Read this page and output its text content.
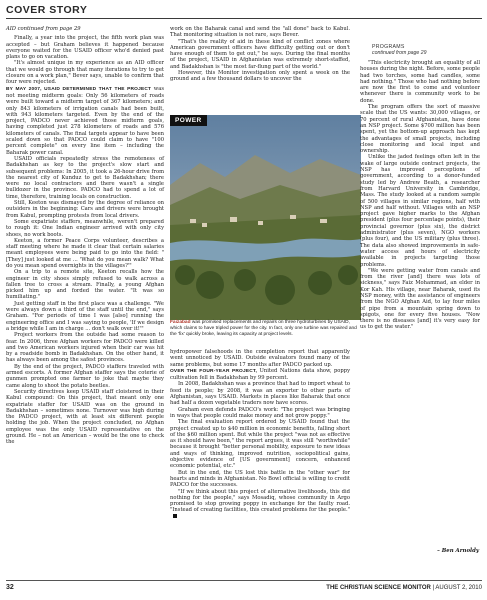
COVER STORY

AID continued from page 29

Finally, a year into the project, the fifth work plan was accepted – but Graham believes it happened because everyone waited for the USAID officer who'd denied past plans to go on vacation.

"It's almost unique in my experience as an AID officer that we would go through that many iterations to try to get closure on a work plan," Bever says, unable to confirm that four were rejected.

BY MAY 2007, USAID DETERMINED THAT THE PROJECT was not meeting midterm goals: Only 56 kilometers of roads were built toward a midterm target of 367 kilometers; and only 843 kilometers of irrigation canals had been built, with 943 kilometers targeted. Even by the end of the project, PADCO never achieved those midterm goals, having completed just 278 kilometers of roads and 576 kilometers of canals. The final targets appear to have been scaled down so that PADCO could claim to have "100 percent complete" on every line item – including the Baharak power canal.

USAID officials repeatedly stress the remoteness of Badakhshan as key to the project's slow start and subsequent problems: In 2005, it took a 26-hour drive from the nearest city of Kunduz to get to Badakhshan; there were no local contractors and there wasn't a single bulldozer in the province. PADCO had to spend a lot of time, therefore, training locals on construction.

Still, Keeton was dismayed by the degree of reliance on outsiders in the beginning: Cars and drivers were brought from Kabul, prompting protests from local drivers.

Some expatriate staffers, meanwhile, weren't prepared to rough it: One Indian engineer arrived with only city shoes, no work boots.

Keeton, a former Peace Corps volunteer, describes a staff meeting where he made it clear that certain salaries meant employees were being paid to go into the field: "[They] just looked at me ... 'What do you mean walk? What do you mean spend overnights in the villages?'"

On a trip to a remote site, Keeton recalls how the engineer in city shoes simply refused to walk across a fallen tree to cross a stream. Finally, a young Afghan picked him up and forded the water. "It was so humiliating."

Just getting staff in the first place was a challenge. "We were always down a third of the staff until the end," says Graham. "For periods of time I was [also] running the engineering office and I was saying to people, 'If we design a bridge while I am in charge ... don't walk over it!'"

Project workers from the outside had some reason to fear. In 2006, three Afghan workers for PADCO were killed and two American workers injured when their car was hit by a roadside bomb in Badakhshan. On the other hand, it has always been among the safest provinces.

By the end of the project, PADCO staffers traveled with armed escorts. A former Afghan staffer says the coterie of gunmen prompted one farmer to joke that maybe they came along to shoot the potato beetles.

Security directives keep USAID staff cloistered in their Kabul compound: On this project, that meant only one expatriate staffer for USAID was on the ground in Badakhshan – sometimes none. Turnover was high during the PADCO project, with at least six different people holding the job. When the project concluded, no Afghan employee was the only USAID representative on the ground. He – not an American – would be the one to check the

work on the Baharak canal and send the "all done" back to Kabul. That monitoring situation is not rare, says Bever.

"That's the reality of aid in these kind of conflict zones where American government officers have difficulty getting out or don't have enough of them to get out," he says. During the final months of the project, USAID in Afghanistan was extremely short-staffed, and Badakhshan is "the most far-flung part of the world."

However, this Monitor investigation only spent a week on the ground and a few thousand dollars to uncover the

POWER
Faizabad was promised replacements and repairs on three hydroturbines by USAID, which claims to have tripled power for the city. In fact, only one turbine was repaired and the 'fix' quickly broke, leaving its capacity at project levels.

hydropower falsehoods in the completion report that apparently went unnoticed by USAID. Outside evaluators found many of the same problems, but some 17 months after PADCO packed up.

OVER THE FOUR-YEAR PROJECT, United Nations data show, poppy cultivation fell in Badakhshan by 99 percent.

In 2008, Badakhshan was a province that had to import wheat to feed its people; by 2008, it was an exporter to other parts of Afghanistan, says USAID. Markets in places like Baharak that once had half a dozen vegetable traders now have scores.

Graham even defends PADCO's work: "The project was bringing in ways that people could make money and not grow poppy."

The final evaluation report ordered by USAID found that the project created up to $40 million in economic benefits, falling short of the $60 million spent. But while the project "was not as effective as it should have been," the report argues, it was still "worthwhile" because it brought "better personal mobility, exposure to new ideas and ways of thinking, improved nutrition, sociopolitical gains, objective evidence of [US government] concern, enhanced economic potential, etc."

But in the end, the US lost this battle in the "other war" for hearts and minds in Afghanistan. No Bowl official is willing to credit PADCO for the successes.

"If we think about this project of alternative livelihoods, this did nothing for the people," says Mosadiq, whose community in Argo promised to stop growing poppy in exchange for the faulty road. "Instead of creating facilities, this created problems for the people."

PROGRAMS
continued from page 29

"This electricity brought an equality of all houses during the night. Before, some people had two torches, some had candles, some had nothing." Those who had nothing before are now the first to come and volunteer whenever there is community work to be done.

The program offers the sort of massive scale that the US wants: 30,000 villages, or 70 percent of rural Afghanistan, have done an NSP project. Some $700 million has been spent, yet the bottom-up approach has kept the advantages of small projects, including close monitoring and local input and ownership.

Unlike the jaded feelings often left in the wake of large outside contract projects, the NSP has improved perceptions of government, according to a donor-funded study led by Andrew Beath, a researcher from Harvard University in Cambridge, Mass. The study looked at a random sample of 500 villages in similar regions, half with NSP and half without. Villages with an NSP project gave higher marks to the Afghan president (plus four percentage points), their provincial governor (plus six), the district administrator (plus seven), NGO workers (plus four), and the US military (plus three). The data also showed improvements in safe-water access and hours of electricity available in projects targeting those problems.

"We were getting water from canals and from the river [and] there was lots of sickness," says Faiz Mohammad, an elder in Kor Kah. His village, near Baharak, used its NSP money, with the assistance of engineers from the NGO Afghan Aid, to lay four miles of pipe from a mountain spring down to spigots, one for every five houses. "Now there is no diseases [and] it's very easy for us to get the water."

– Ben Arnoldy
32	THE CHRISTIAN SCIENCE MONITOR | AUGUST 2, 2010
